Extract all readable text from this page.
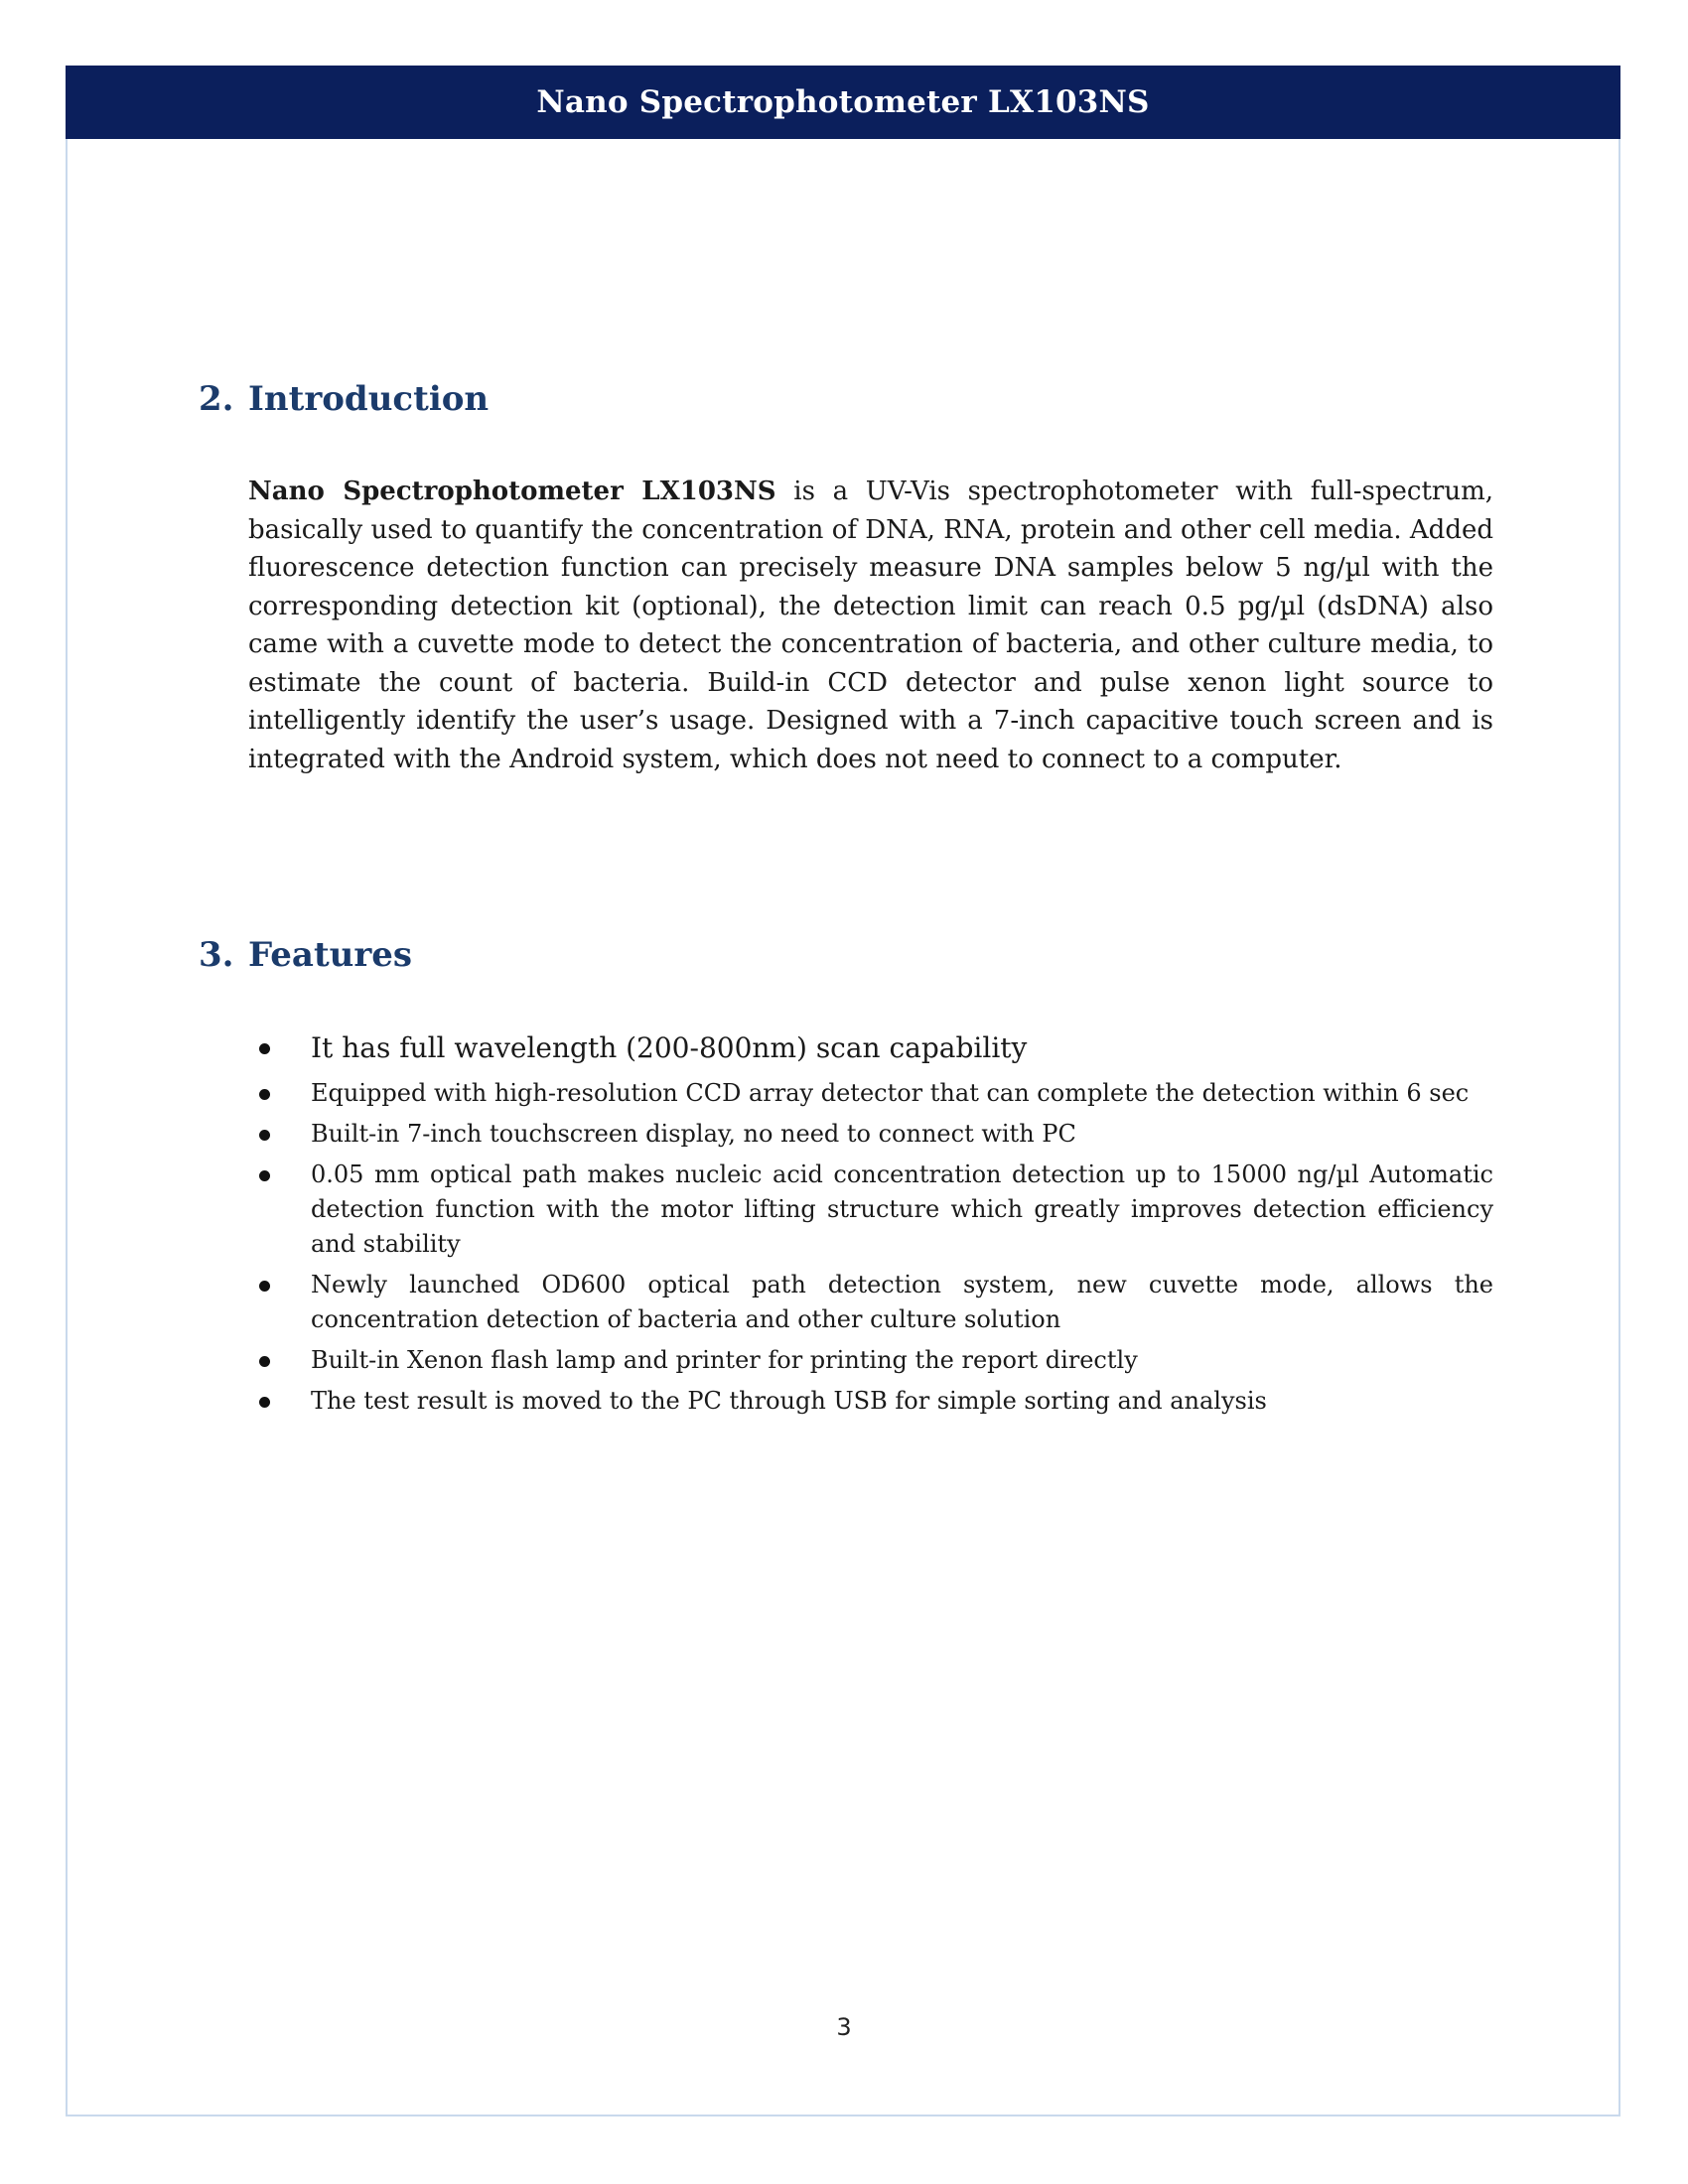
Nano Spectrophotometer LX103NS
2. Introduction

Nano Spectrophotometer LX103NS is a UV-Vis spectrophotometer with full-spectrum, basically used to quantify the concentration of DNA, RNA, protein and other cell media. Added fluorescence detection function can precisely measure DNA samples below 5 ng/µl with the corresponding detection kit (optional), the detection limit can reach 0.5 pg/µl (dsDNA) also came with a cuvette mode to detect the concentration of bacteria, and other culture media, to estimate the count of bacteria. Build-in CCD detector and pulse xenon light source to intelligently identify the user’s usage. Designed with a 7-inch capacitive touch screen and is integrated with the Android system, which does not need to connect to a computer.

3. Features
It has full wavelength (200-800nm) scan capability
Equipped with high-resolution CCD array detector that can complete the detection within 6 sec
Built-in 7-inch touchscreen display, no need to connect with PC
0.05 mm optical path makes nucleic acid concentration detection up to 15000 ng/µl Automatic detection function with the motor lifting structure which greatly improves detection efficiency and stability
Newly launched OD600 optical path detection system, new cuvette mode, allows the concentration detection of bacteria and other culture solution
Built-in Xenon flash lamp and printer for printing the report directly
The test result is moved to the PC through USB for simple sorting and analysis
3
